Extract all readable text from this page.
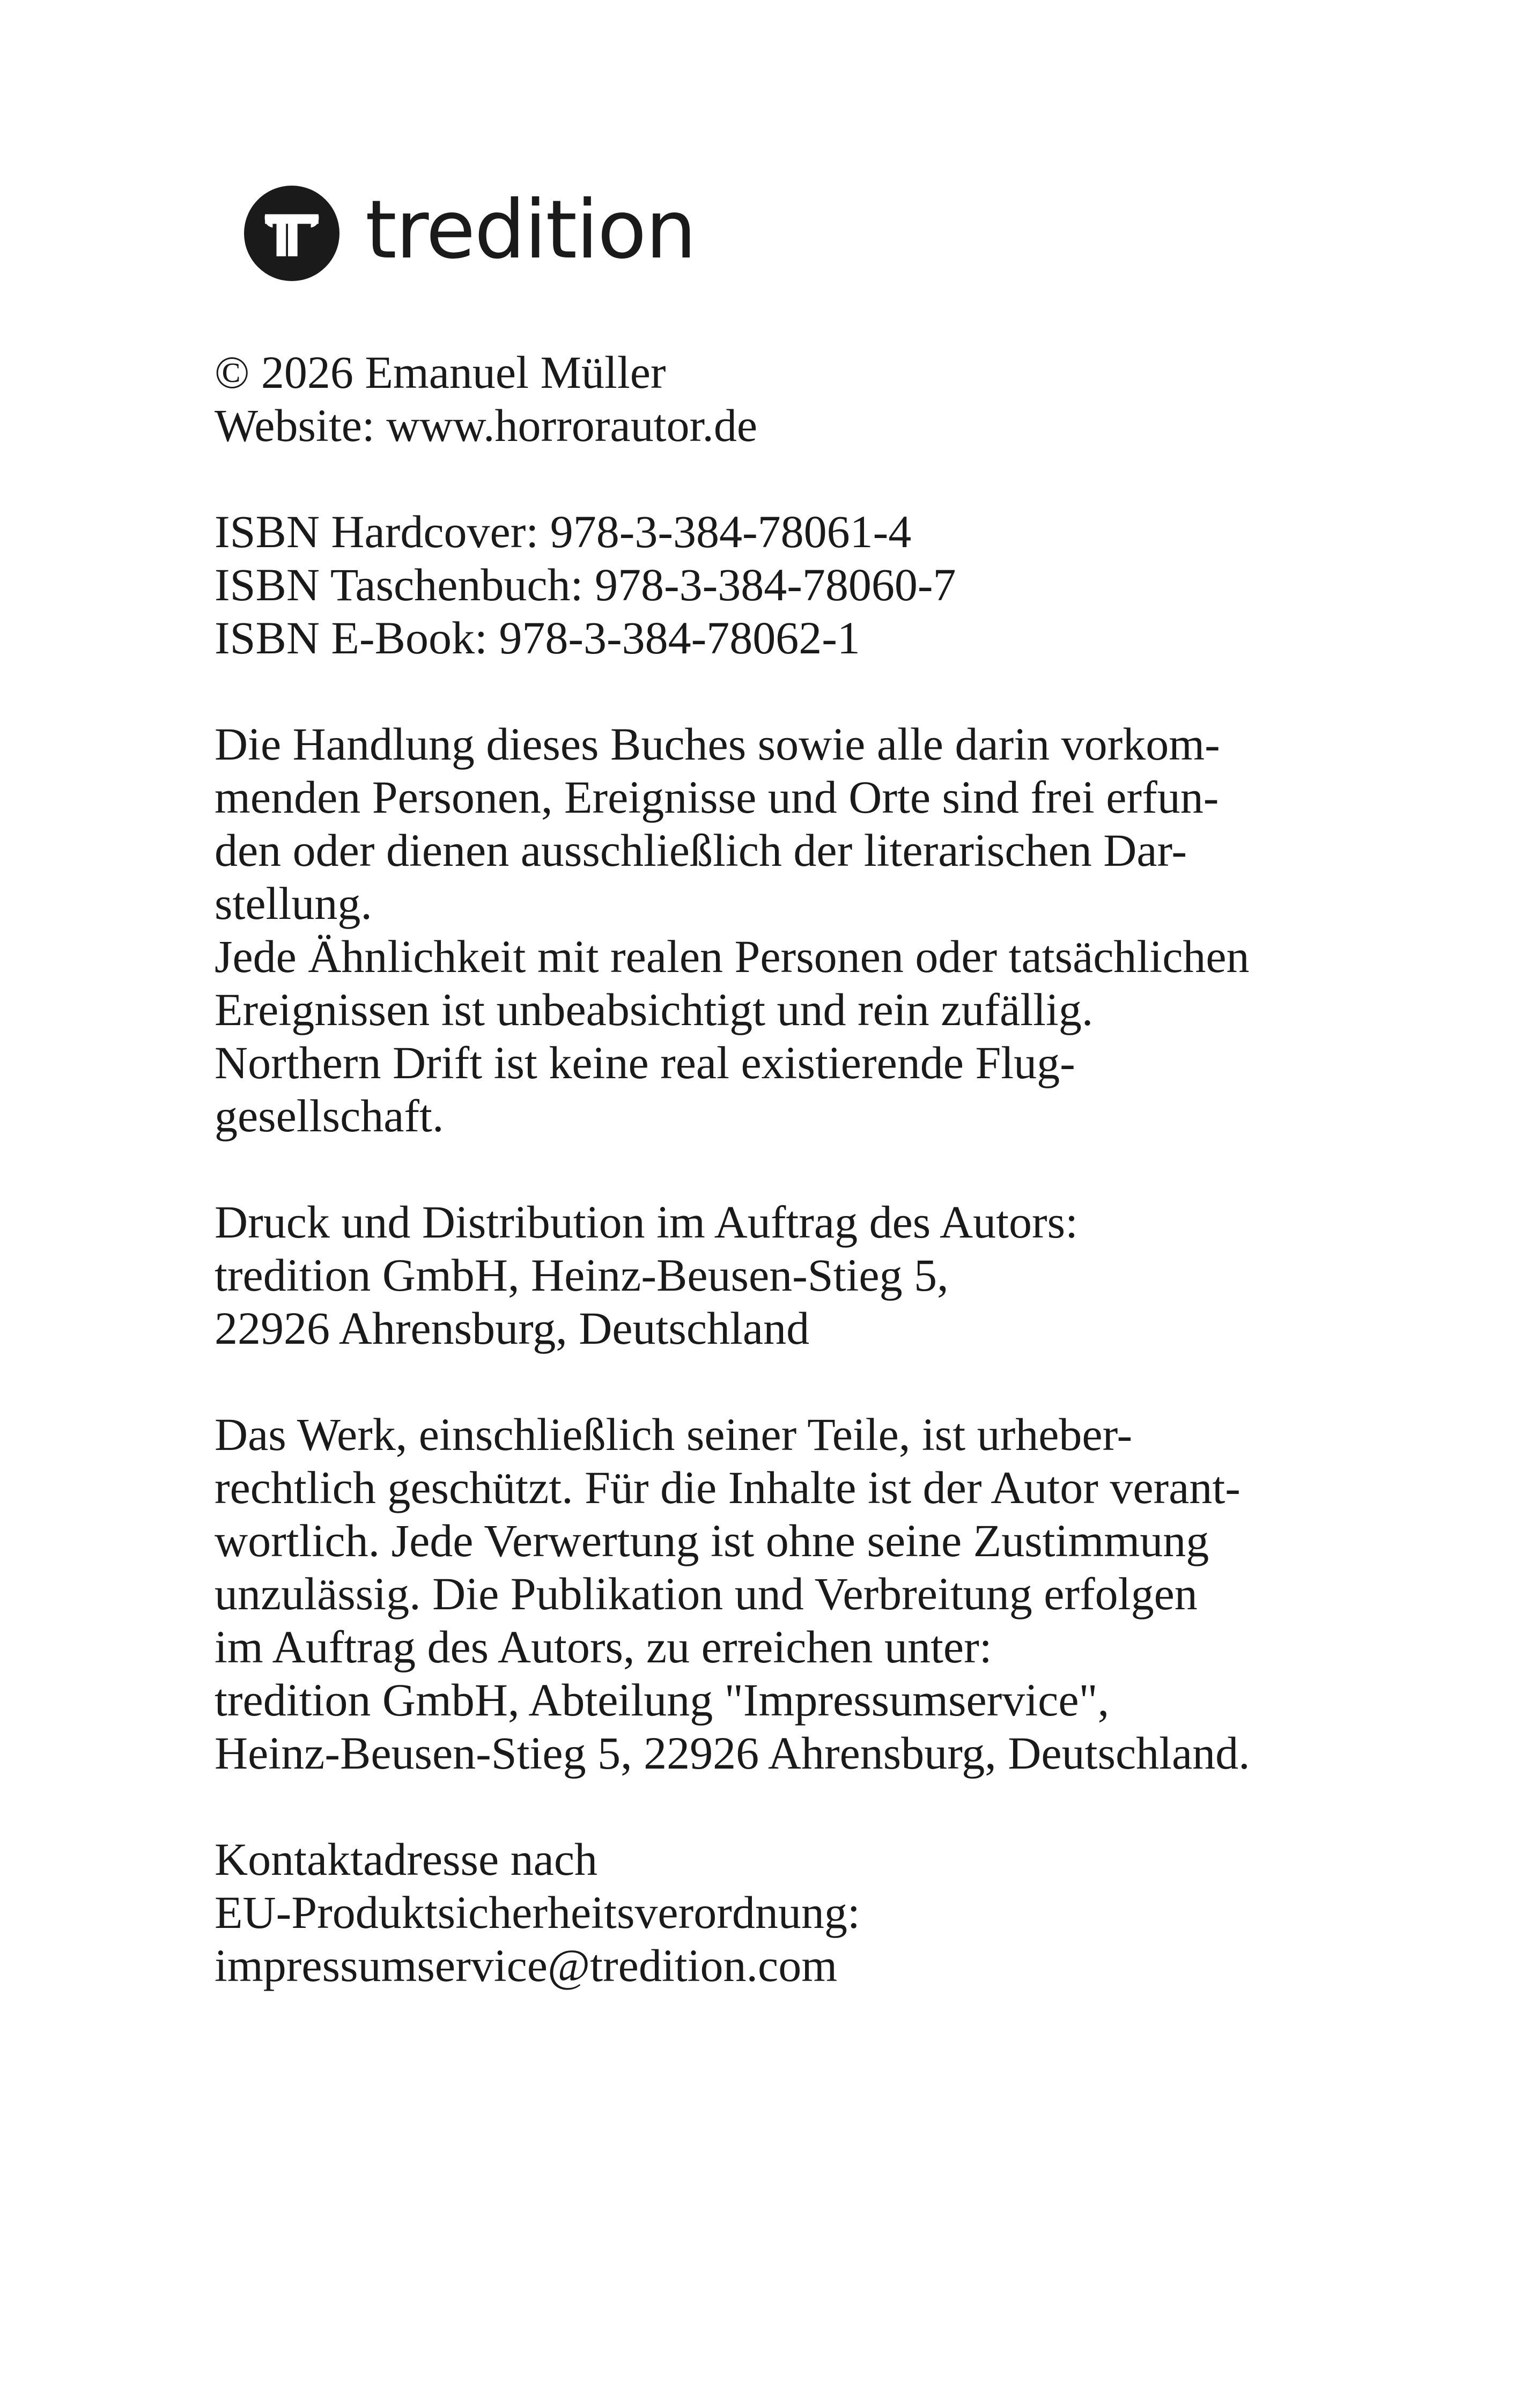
tredition
© 2026 Emanuel Müller
Website: www.horrorautor.de
ISBN Hardcover: 978-3-384-78061-4
ISBN Taschenbuch: 978-3-384-78060-7
ISBN E-Book: 978-3-384-78062-1
Die Handlung dieses Buches sowie alle darin vorkom-
menden Personen, Ereignisse und Orte sind frei erfun-
den oder dienen ausschließlich der literarischen Dar-
stellung.
Jede Ähnlichkeit mit realen Personen oder tatsächlichen
Ereignissen ist unbeabsichtigt und rein zufällig.
Northern Drift ist keine real existierende Flug-
gesellschaft.
Druck und Distribution im Auftrag des Autors:
tredition GmbH, Heinz-Beusen-Stieg 5,
22926 Ahrensburg, Deutschland
Das Werk, einschließlich seiner Teile, ist urheber-
rechtlich geschützt. Für die Inhalte ist der Autor verant-
wortlich. Jede Verwertung ist ohne seine Zustimmung
unzulässig. Die Publikation und Verbreitung erfolgen
im Auftrag des Autors, zu erreichen unter:
tredition GmbH, Abteilung "Impressumservice",
Heinz-Beusen-Stieg 5, 22926 Ahrensburg, Deutschland.
Kontaktadresse nach
EU-Produktsicherheitsverordnung:
impressumservice@tredition.com
